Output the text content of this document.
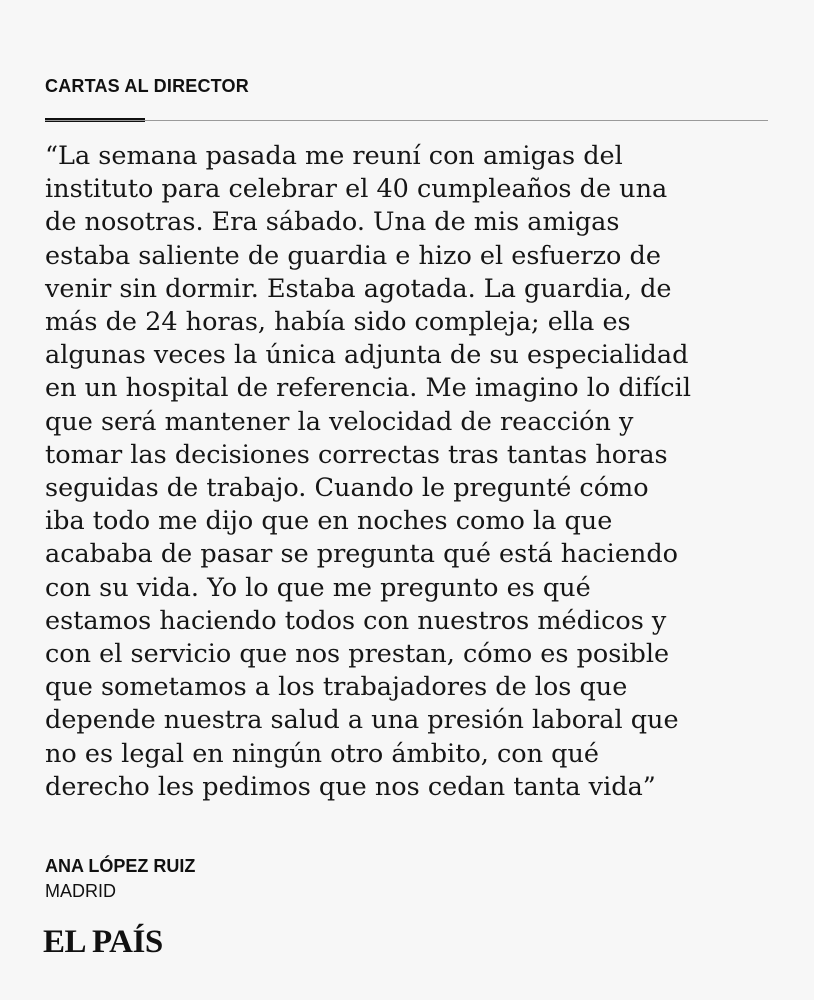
CARTAS AL DIRECTOR

“La semana pasada me reuní con amigas del
instituto para celebrar el 40 cumpleaños de una
de nosotras. Era sábado. Una de mis amigas
estaba saliente de guardia e hizo el esfuerzo de
venir sin dormir. Estaba agotada. La guardia, de
más de 24 horas, había sido compleja; ella es
algunas veces la única adjunta de su especialidad
en un hospital de referencia. Me imagino lo difícil
que será mantener la velocidad de reacción y
tomar las decisiones correctas tras tantas horas
seguidas de trabajo. Cuando le pregunté cómo
iba todo me dijo que en noches como la que
acababa de pasar se pregunta qué está haciendo
con su vida. Yo lo que me pregunto es qué
estamos haciendo todos con nuestros médicos y
con el servicio que nos prestan, cómo es posible
que sometamos a los trabajadores de los que
depende nuestra salud a una presión laboral que
no es legal en ningún otro ámbito, con qué
derecho les pedimos que nos cedan tanta vida”

ANA LÓPEZ RUIZ
MADRID
EL PAÍS
